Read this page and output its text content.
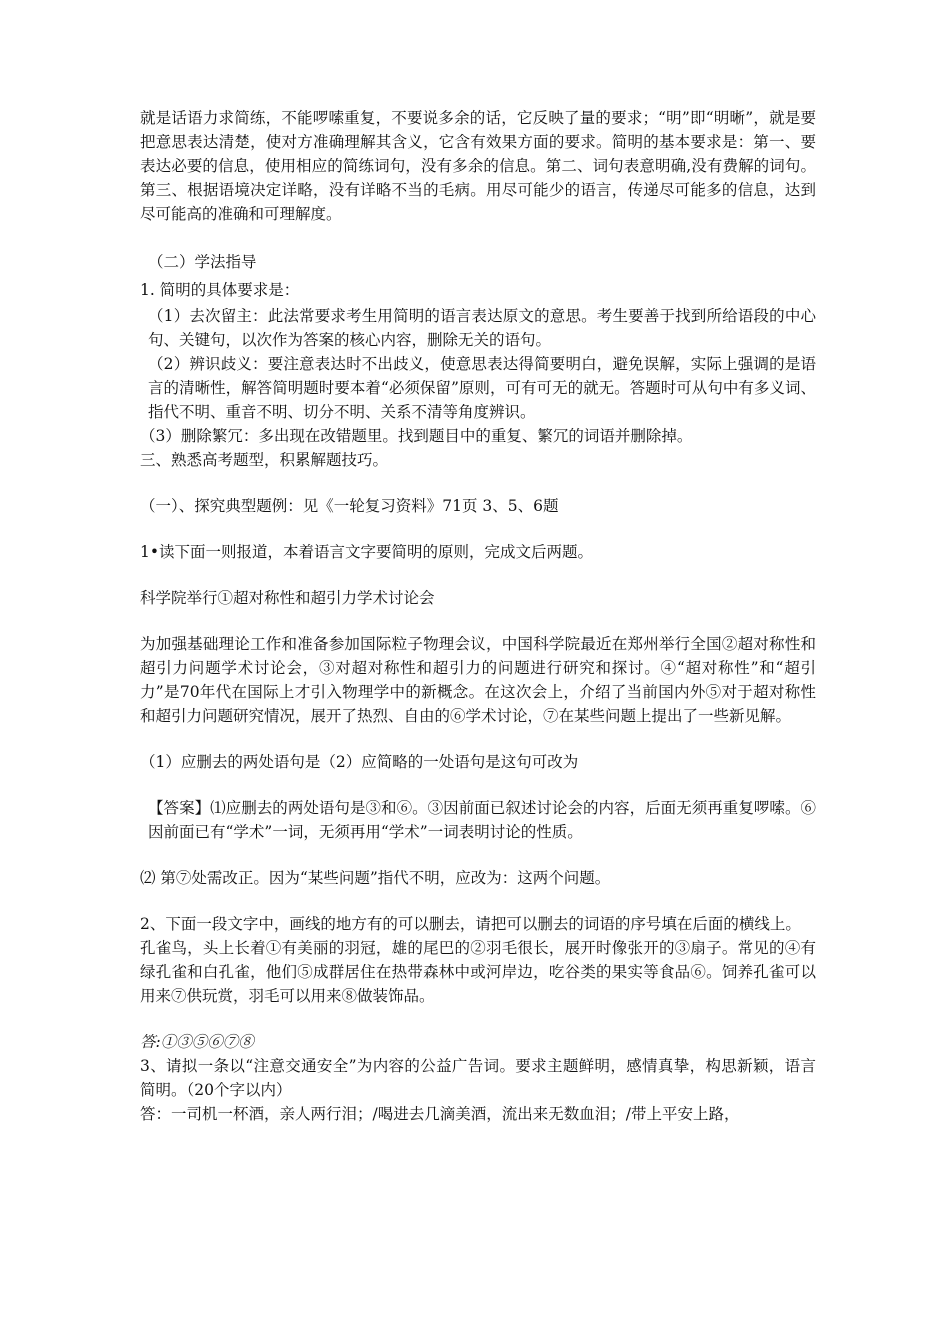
就是话语力求简练，不能啰嗦重复，不要说多余的话，它反映了量的要求；“明”即“明晰”，就是要把意思表达清楚，使对方准确理解其含义，它含有效果方面的要求。简明的基本要求是：第一、要表达必要的信息，使用相应的简练词句，没有多余的信息。第二、词句表意明确,没有费解的词句。第三、根据语境决定详略，没有详略不当的毛病。用尽可能少的语言，传递尽可能多的信息，达到尽可能高的准确和可理解度。

（二）学法指导

1. 简明的具体要求是：

（1）去次留主：此法常要求考生用简明的语言表达原文的意思。考生要善于找到所给语段的中心句、关键句，以次作为答案的核心内容，删除无关的语句。

（2）辨识歧义：要注意表达时不出歧义，使意思表达得简要明白，避免误解，实际上强调的是语言的清晰性，解答简明题时要本着“必须保留”原则，可有可无的就无。答题时可从句中有多义词、指代不明、重音不明、切分不明、关系不清等角度辨识。

（3）删除繁冗：多出现在改错题里。找到题目中的重复、繁冗的词语并删除掉。

三、熟悉高考题型，积累解题技巧。

（一）、探究典型题例：见《一轮复习资料》71页 3、5、6题

1•读下面一则报道，本着语言文字要简明的原则，完成文后两题。

科学院举行①超对称性和超引力学术讨论会

为加强基础理论工作和准备参加国际粒子物理会议，中国科学院最近在郑州举行全国②超对称性和超引力问题学术讨论会，③对超对称性和超引力的问题进行研究和探讨。④“超对称性”和“超引力”是70年代在国际上才引入物理学中的新概念。在这次会上，介绍了当前国内外⑤对于超对称性和超引力问题研究情况，展开了热烈、自由的⑥学术讨论，⑦在某些问题上提出了一些新见解。

（1）应删去的两处语句是（2）应简略的一处语句是这句可改为

【答案】⑴应删去的两处语句是③和⑥。③因前面已叙述讨论会的内容，后面无须再重复啰嗦。⑥因前面已有“学术”一词，无须再用“学术”一词表明讨论的性质。

⑵ 第⑦处需改正。因为“某些问题”指代不明，应改为：这两个问题。

2、下面一段文字中，画线的地方有的可以删去，请把可以删去的词语的序号填在后面的横线上。

孔雀鸟，头上长着①有美丽的羽冠，雄的尾巴的②羽毛很长，展开时像张开的③扇子。常见的④有绿孔雀和白孔雀，他们⑤成群居住在热带森林中或河岸边，吃谷类的果实等食品⑥。饲养孔雀可以用来⑦供玩赏，羽毛可以用来⑧做装饰品。

答:①③⑤⑥⑦⑧

3、请拟一条以“注意交通安全”为内容的公益广告词。要求主题鲜明，感情真挚，构思新颖，语言简明。（20个字以内）

答：一司机一杯酒，亲人两行泪；/喝进去几滴美酒，流出来无数血泪；/带上平安上路，
